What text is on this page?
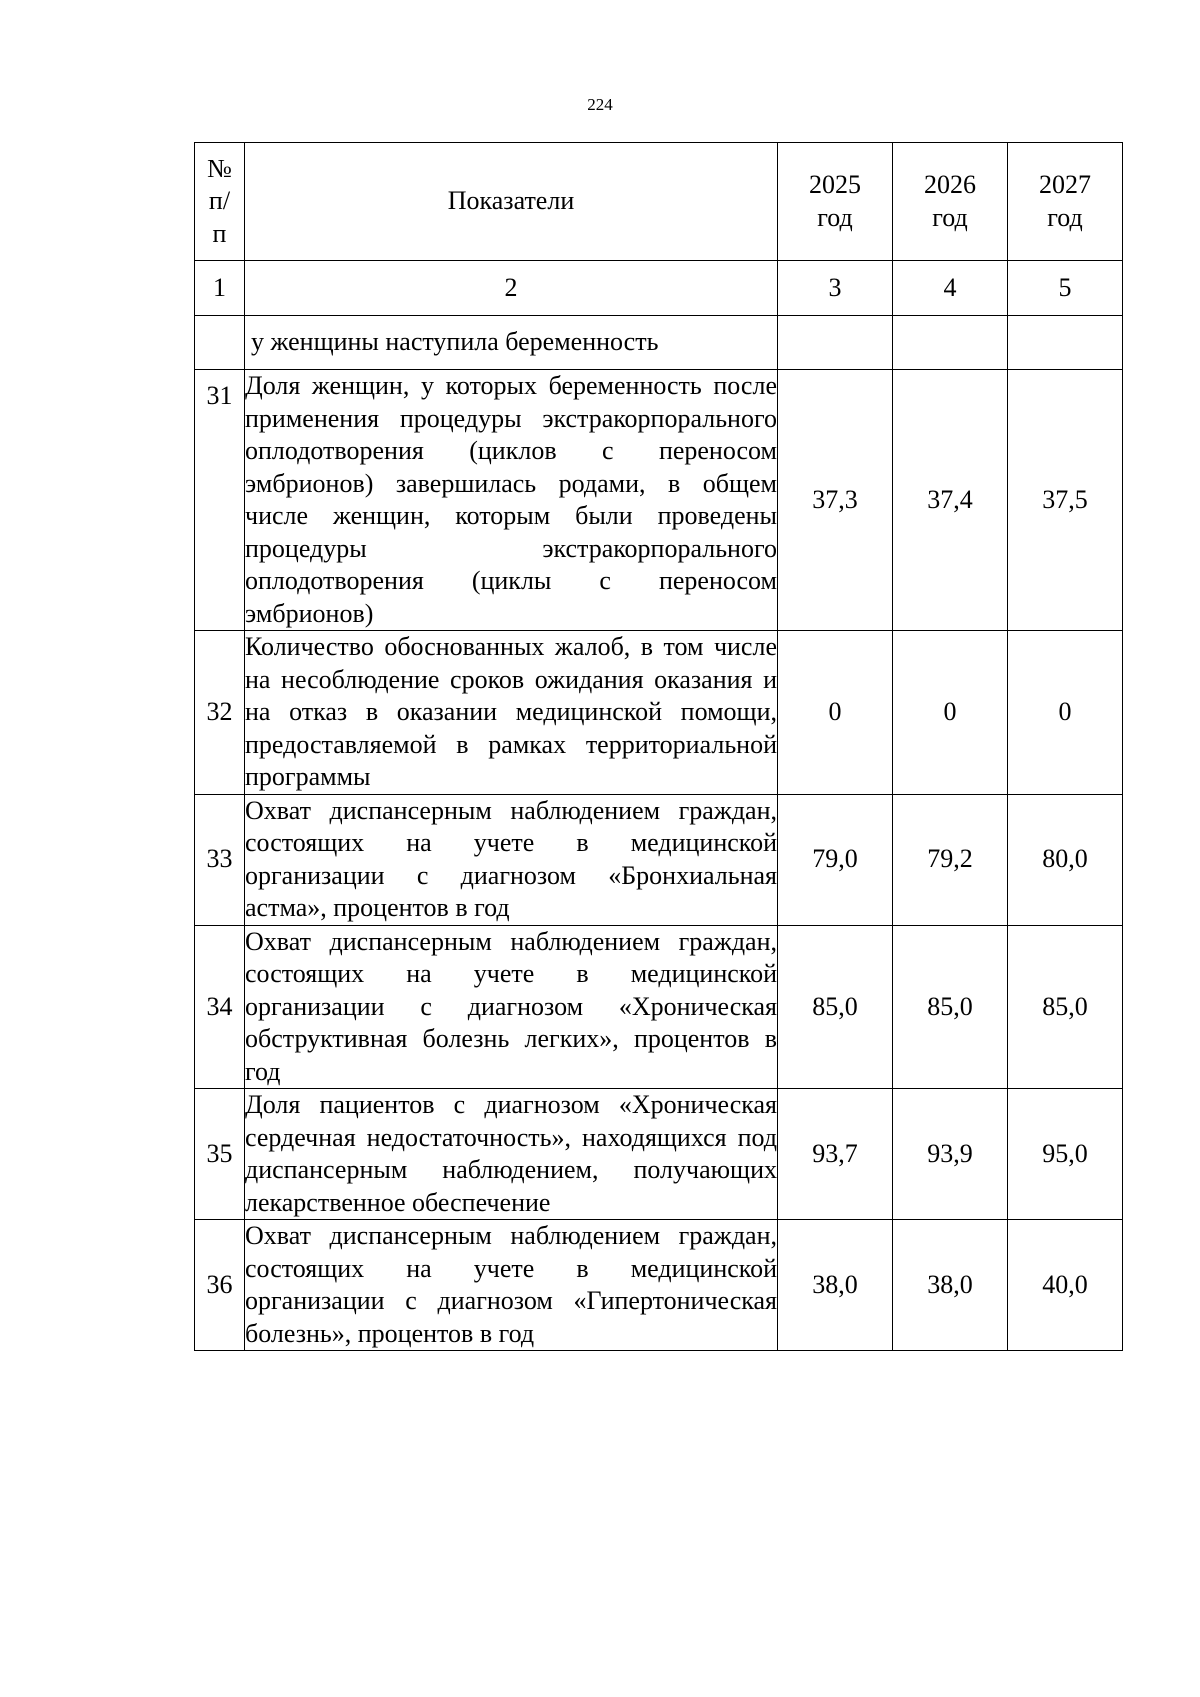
224
№ п/ п	Показатели	2025 год	2026 год	2027 год
1	2	3	4	5
	у женщины наступила беременность			
31	Доля женщин, у которых беременность после применения процедуры экстракорпорального оплодотворения (циклов с переносом эмбрионов) завершилась родами, в общем числе женщин, которым были проведены процедуры экстракорпорального оплодотворения (циклы с переносом эмбрионов)	37,3	37,4	37,5
32	Количество обоснованных жалоб, в том числе на несоблюдение сроков ожидания оказания и на отказ в оказании медицинской помощи, предоставляемой в рамках территориальной программы	0	0	0
33	Охват диспансерным наблюдением граждан, состоящих на учете в медицинской организации с диагнозом «Бронхиальная астма», процентов в год	79,0	79,2	80,0
34	Охват диспансерным наблюдением граждан, состоящих на учете в медицинской организации с диагнозом «Хроническая обструктивная болезнь легких», процентов в год	85,0	85,0	85,0
35	Доля пациентов с диагнозом «Хроническая сердечная недостаточность», находящихся под диспансерным наблюдением, получающих лекарственное обеспечение	93,7	93,9	95,0
36	Охват диспансерным наблюдением граждан, состоящих на учете в медицинской организации с диагнозом «Гипертоническая болезнь», процентов в год	38,0	38,0	40,0
